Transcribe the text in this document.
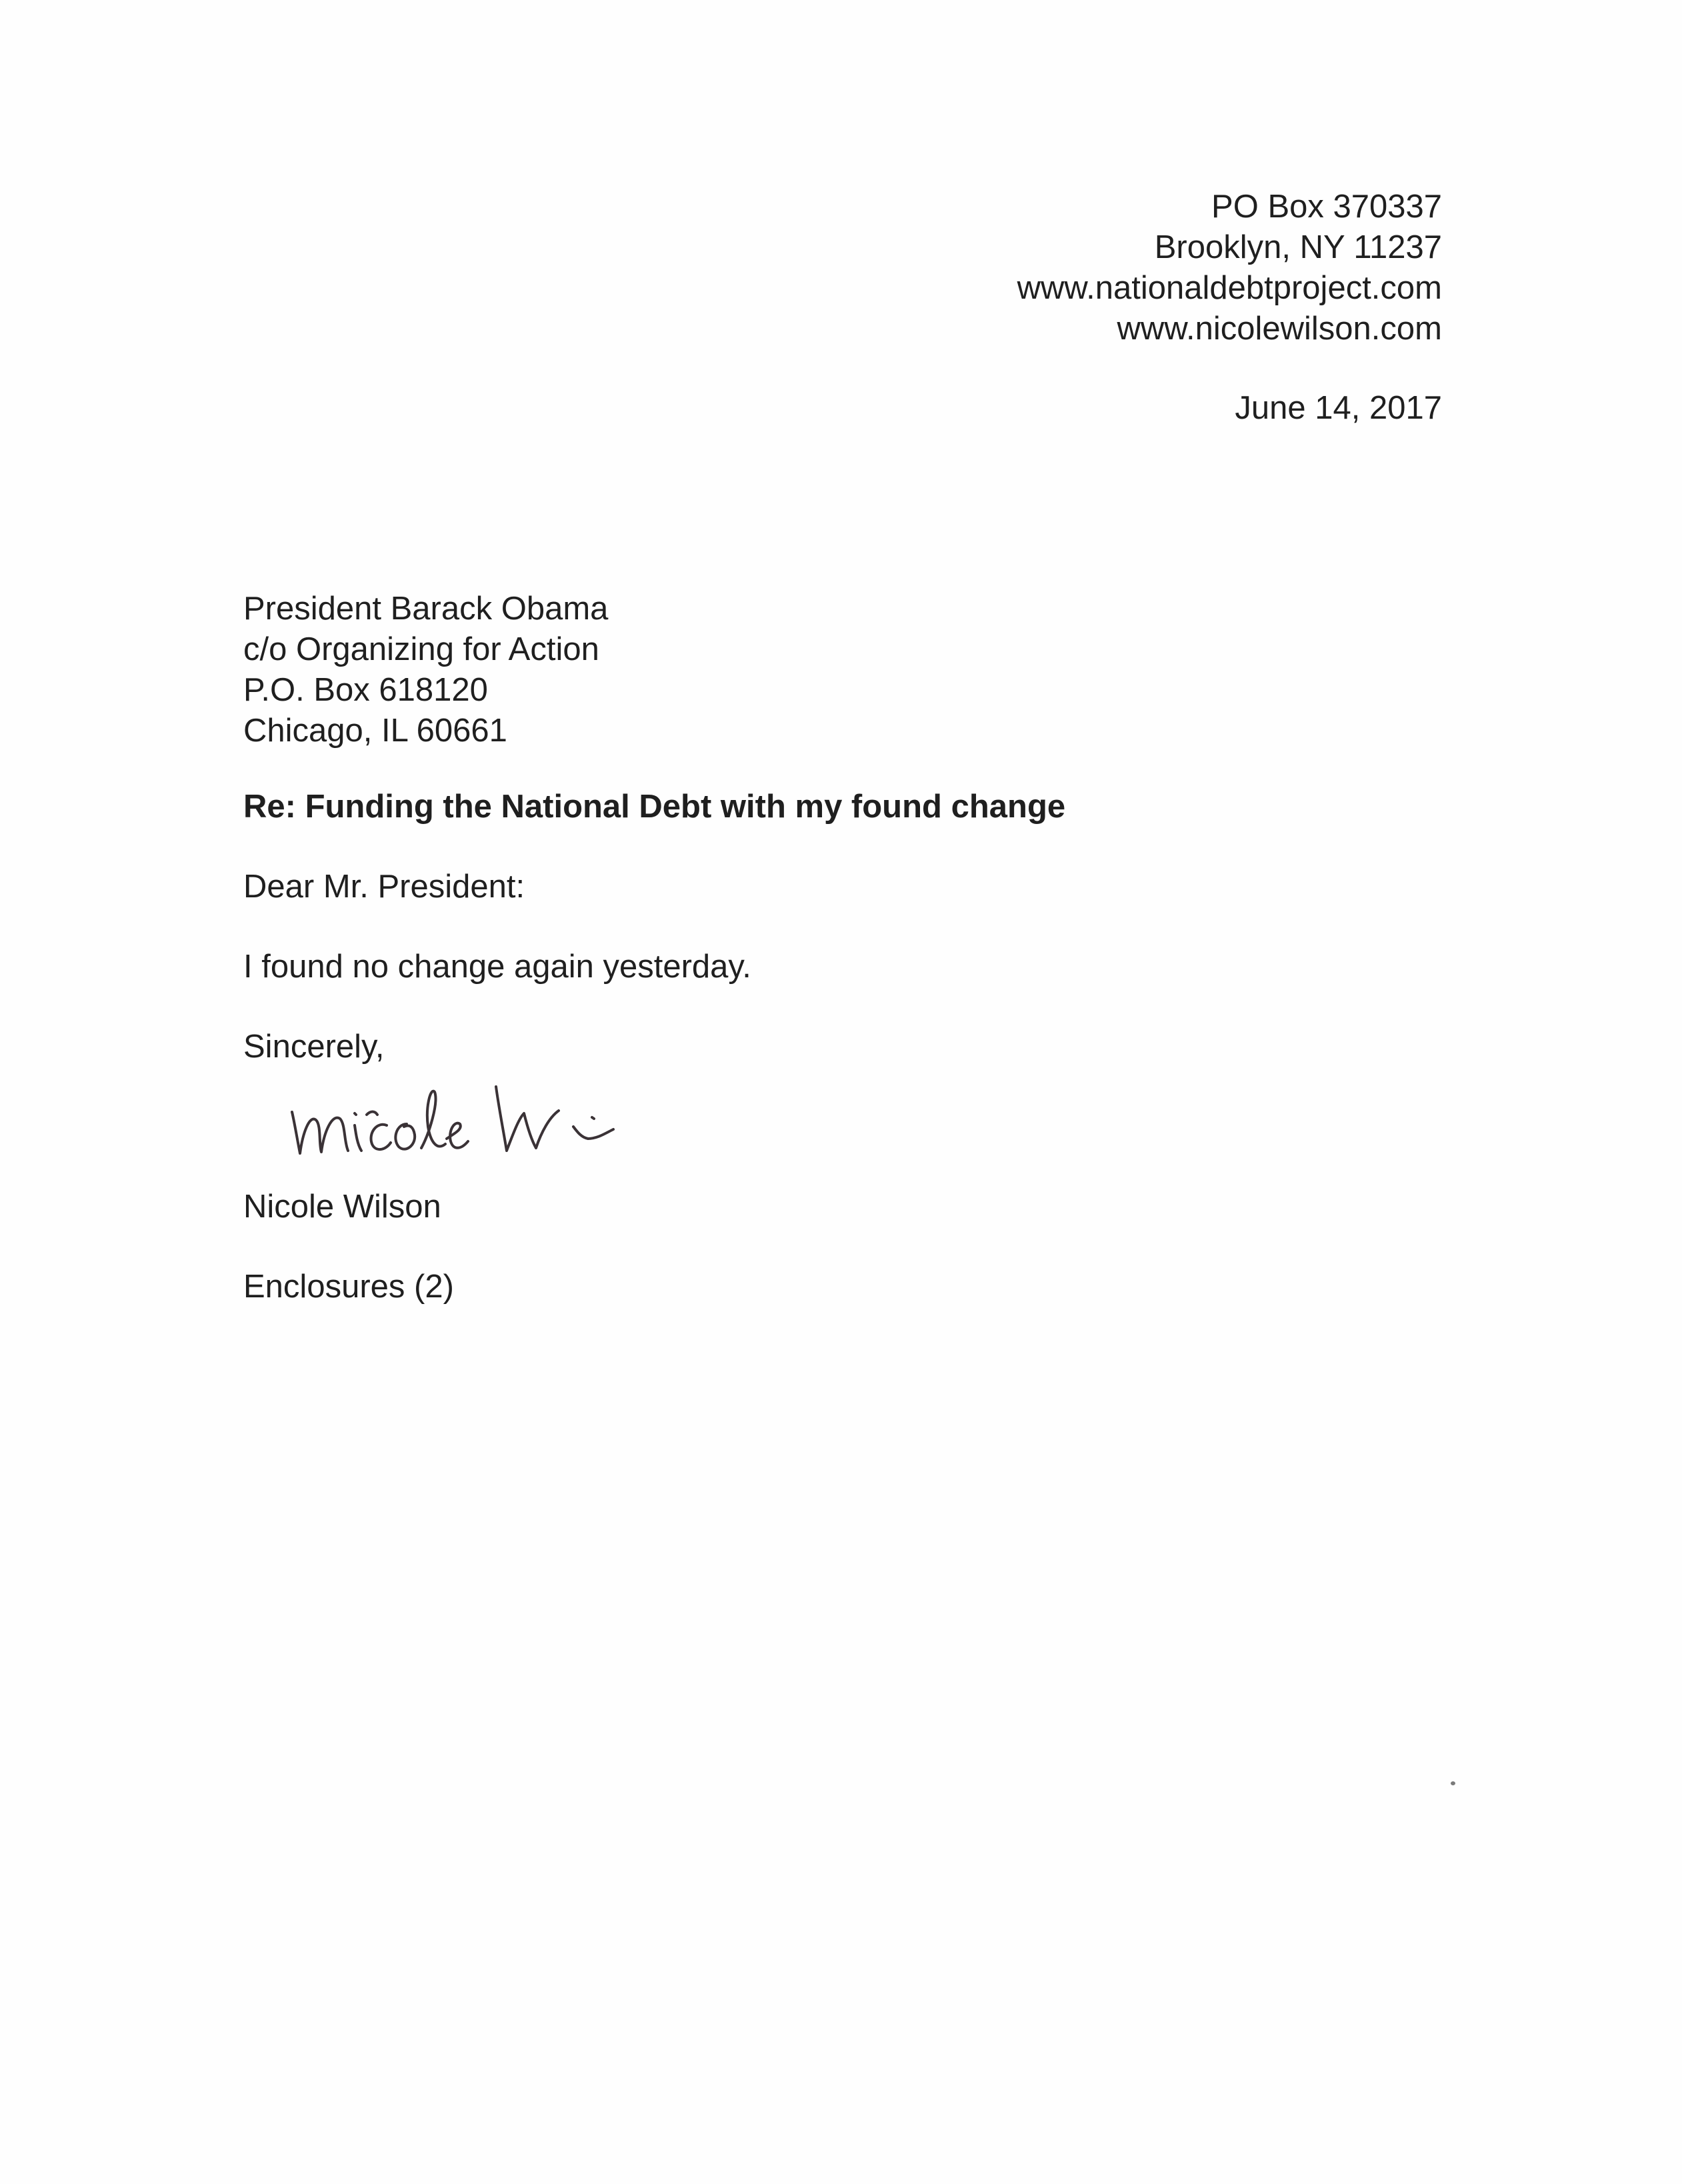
PO Box 370337
Brooklyn, NY 11237
www.nationaldebtproject.com
www.nicolewilson.com
June 14, 2017
President Barack Obama
c/o Organizing for Action
P.O. Box 618120
Chicago, IL 60661
Re: Funding the National Debt with my found change
Dear Mr. President:
I found no change again yesterday.
Sincerely,
Nicole Wilson
Enclosures (2)
